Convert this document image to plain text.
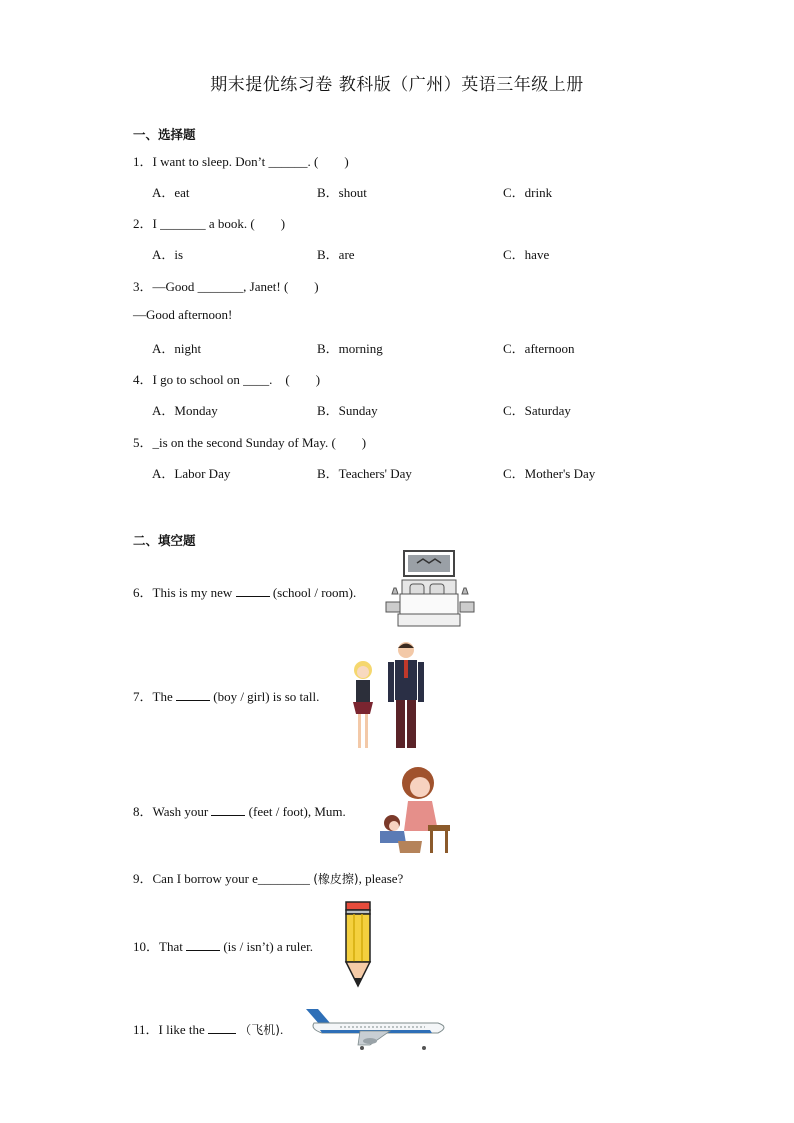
期末提优练习卷 教科版（广州）英语三年级上册
一、选择题
1．I want to sleep. Don’t ______. (　　)
A．eat	B．shout	C．drink
2．I _______ a book. (　　)
A．is	B．are	C．have
3．—Good _______, Janet! (　　)
—Good afternoon!
A．night	B．morning	C．afternoon
4．I go to school on ____.　(　　)
A．Monday	B．Sunday	C．Saturday
5．_is on the second Sunday of May. (　　)
A．Labor Day	B．Teachers' Day	C．Mother's Day
二、填空题
6．This is my new	(school / room).
7．The	(boy / girl) is so tall.
8．Wash your	(feet / foot), Mum.
9．Can I borrow your e________ (橡皮擦), please?
10．That	(is / isn’t) a ruler.
11．I like the	（飞机).
